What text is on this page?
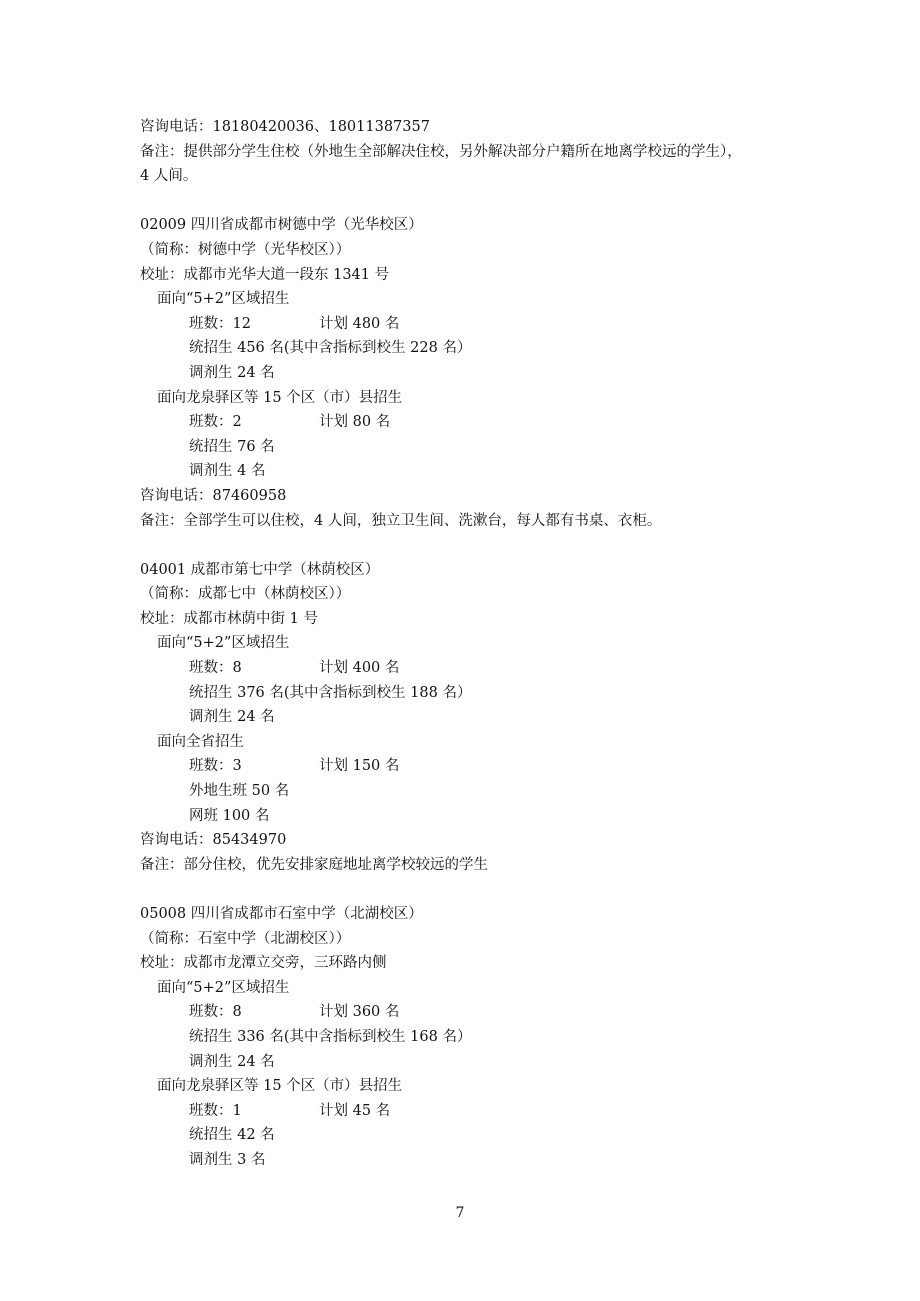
咨询电话：18180420036、18011387357
备注：提供部分学生住校（外地生全部解决住校，另外解决部分户籍所在地离学校远的学生），
4 人间。
02009 四川省成都市树德中学（光华校区）
（简称：树德中学（光华校区））
校址：成都市光华大道一段东 1341 号
面向“5+2”区域招生
班数：12	计划 480 名
统招生 456 名(其中含指标到校生 228 名）
调剂生 24 名
面向龙泉驿区等 15 个区（市）县招生
班数：2	计划 80 名
统招生 76 名
调剂生 4 名
咨询电话：87460958
备注：全部学生可以住校，4 人间，独立卫生间、洗漱台，每人都有书桌、衣柜。
04001 成都市第七中学（林荫校区）
（简称：成都七中（林荫校区））
校址：成都市林荫中街 1 号
面向“5+2”区域招生
班数：8	计划 400 名
统招生 376 名(其中含指标到校生 188 名）
调剂生 24 名
面向全省招生
班数：3	计划 150 名
外地生班 50 名
网班 100 名
咨询电话：85434970
备注：部分住校，优先安排家庭地址离学校较远的学生
05008 四川省成都市石室中学（北湖校区）
（简称：石室中学（北湖校区））
校址：成都市龙潭立交旁，三环路内侧
面向“5+2”区域招生
班数：8	计划 360 名
统招生 336 名(其中含指标到校生 168 名）
调剂生 24 名
面向龙泉驿区等 15 个区（市）县招生
班数：1	计划 45 名
统招生 42 名
调剂生 3 名
7
